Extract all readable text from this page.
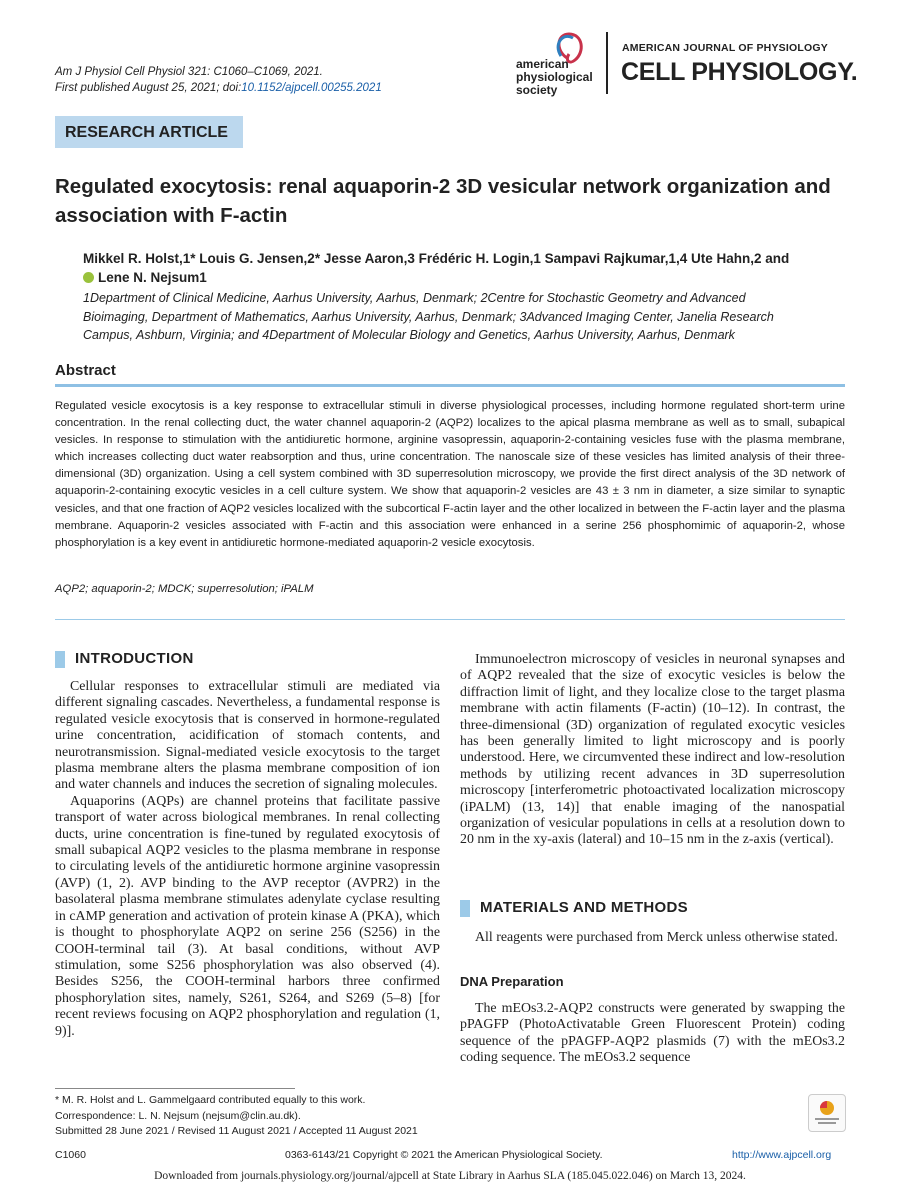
Am J Physiol Cell Physiol 321: C1060–C1069, 2021.
First published August 25, 2021; doi:10.1152/ajpcell.00255.2021
american
physiological
society
AMERICAN JOURNAL OF PHYSIOLOGY
CELL PHYSIOLOGY.
RESEARCH ARTICLE
Regulated exocytosis: renal aquaporin-2 3D vesicular network organization and association with F-actin
Mikkel R. Holst,1* Louis G. Jensen,2* Jesse Aaron,3 Frédéric H. Login,1 Sampavi Rajkumar,1,4 Ute Hahn,2 and
Lene N. Nejsum1
1Department of Clinical Medicine, Aarhus University, Aarhus, Denmark; 2Centre for Stochastic Geometry and Advanced
Bioimaging, Department of Mathematics, Aarhus University, Aarhus, Denmark; 3Advanced Imaging Center, Janelia Research
Campus, Ashburn, Virginia; and 4Department of Molecular Biology and Genetics, Aarhus University, Aarhus, Denmark
Abstract
Regulated vesicle exocytosis is a key response to extracellular stimuli in diverse physiological processes, including hormone regulated short-term urine concentration. In the renal collecting duct, the water channel aquaporin-2 (AQP2) localizes to the apical plasma membrane as well as to small, subapical vesicles. In response to stimulation with the antidiuretic hormone, arginine vasopressin, aquaporin-2-containing vesicles fuse with the plasma membrane, which increases collecting duct water reabsorption and thus, urine concentration. The nanoscale size of these vesicles has limited analysis of their three-dimensional (3D) organization. Using a cell system combined with 3D superresolution microscopy, we provide the first direct analysis of the 3D network of aquaporin-2-containing exocytic vesicles in a cell culture system. We show that aquaporin-2 vesicles are 43 ± 3 nm in diameter, a size similar to synaptic vesicles, and that one fraction of AQP2 vesicles localized with the subcortical F-actin layer and the other localized in between the F-actin layer and the plasma membrane. Aquaporin-2 vesicles associated with F-actin and this association were enhanced in a serine 256 phosphomimic of aquaporin-2, whose phosphorylation is a key event in antidiuretic hormone-mediated aquaporin-2 vesicle exocytosis.
AQP2; aquaporin-2; MDCK; superresolution; iPALM
INTRODUCTION

Cellular responses to extracellular stimuli are mediated via different signaling cascades. Nevertheless, a fundamental response is regulated vesicle exocytosis that is conserved in hormone-regulated urine concentration, acidification of stomach contents, and neurotransmission. Signal-mediated vesicle exocytosis to the target plasma membrane alters the plasma membrane composition of ion and water channels and induces the secretion of signaling molecules.

Aquaporins (AQPs) are channel proteins that facilitate passive transport of water across biological membranes. In renal collecting ducts, urine concentration is fine-tuned by regulated exocytosis of small subapical AQP2 vesicles to the plasma membrane in response to circulating levels of the antidiuretic hormone arginine vasopressin (AVP) (1, 2). AVP binding to the AVP receptor (AVPR2) in the basolateral plasma membrane stimulates adenylate cyclase resulting in cAMP generation and activation of protein kinase A (PKA), which is thought to phosphorylate AQP2 on serine 256 (S256) in the COOH-terminal tail (3). At basal conditions, without AVP stimulation, some S256 phosphorylation was also observed (4). Besides S256, the COOH-terminal harbors three confirmed phosphorylation sites, namely, S261, S264, and S269 (5–8) [for recent reviews focusing on AQP2 phosphorylation and regulation (1, 9)].

Immunoelectron microscopy of vesicles in neuronal synapses and of AQP2 revealed that the size of exocytic vesicles is below the diffraction limit of light, and they localize close to the target plasma membrane with actin filaments (F-actin) (10–12). In contrast, the three-dimensional (3D) organization of regulated exocytic vesicles has been generally limited to light microscopy and is poorly understood. Here, we circumvented these indirect and low-resolution methods by utilizing recent advances in 3D superresolution microscopy [interferometric photoactivated localization microscopy (iPALM) (13, 14)] that enable imaging of the nanospatial organization of vesicular populations in cells at a resolution down to 20 nm in the xy-axis (lateral) and 10–15 nm in the z-axis (vertical).

MATERIALS AND METHODS

All reagents were purchased from Merck unless otherwise stated.

DNA Preparation

The mEOs3.2-AQP2 constructs were generated by swapping the pPAGFP (PhotoActivatable Green Fluorescent Protein) coding sequence of the pPAGFP-AQP2 plasmids (7) with the mEOs3.2 coding sequence. The mEOs3.2 sequence

* M. R. Holst and L. Gammelgaard contributed equally to this work.
Correspondence: L. N. Nejsum (nejsum@clin.au.dk).
Submitted 28 June 2021 / Revised 11 August 2021 / Accepted 11 August 2021
C1060	0363-6143/21 Copyright © 2021 the American Physiological Society.	http://www.ajpcell.org
Downloaded from journals.physiology.org/journal/ajpcell at State Library in Aarhus SLA (185.045.022.046) on March 13, 2024.
